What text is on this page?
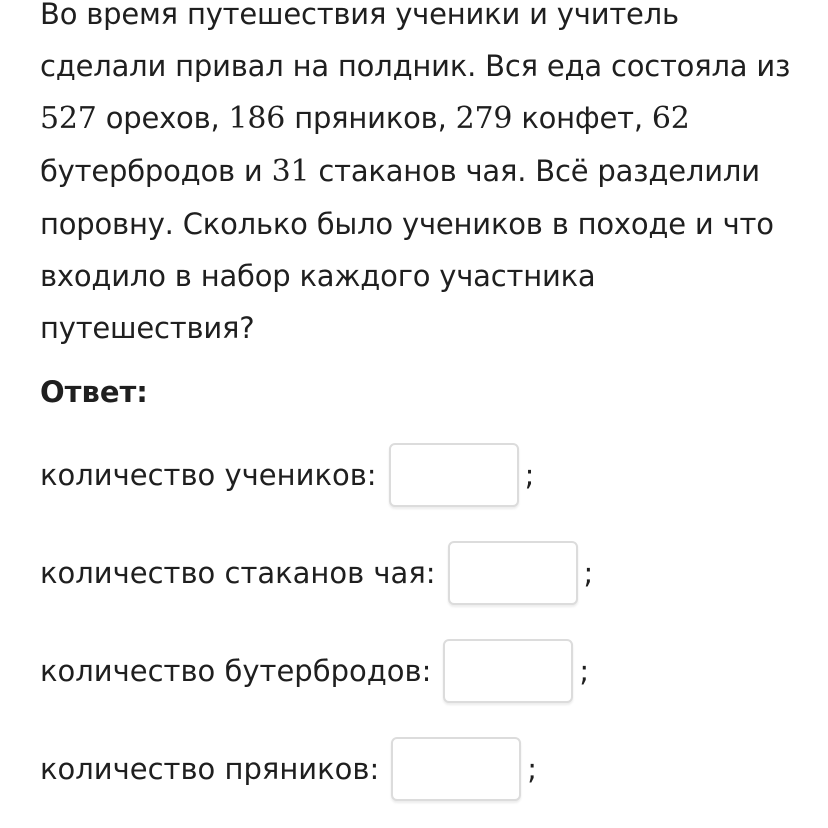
Во время путешествия ученики и учитель сделали привал на полдник. Вся еда состояла из 527 орехов, 186 пряников, 279 конфет, 62 бутербродов и 31 стаканов чая. Всё разделили поровну. Сколько было учеников в походе и что входило в набор каждого участника путешествия?

Ответ:

количество учеников:	;
количество стаканов чая:	;
количество бутербродов:	;
количество пряников:	;
